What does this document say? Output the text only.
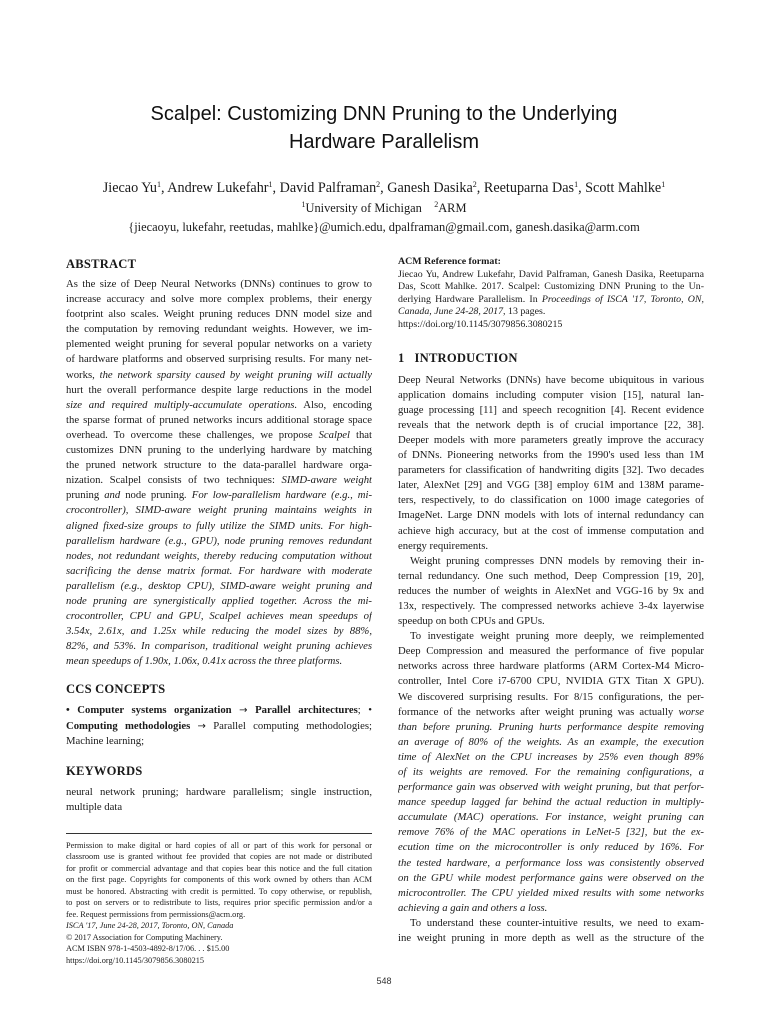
Scalpel: Customizing DNN Pruning to the Underlying
Hardware Parallelism
Jiecao Yu$^1$, Andrew Lukefahr$^1$, David Palframan$^2$, Ganesh Dasika$^2$, Reetuparna Das$^1$, Scott Mahlke$^1$
$^1$University of Michigan  $^2$ARM
{jiecaoyu, lukefahr, reetudas, mahlke}@umich.edu, dpalframan@gmail.com, ganesh.dasika@arm.com
ABSTRACT
As the size of Deep Neural Networks (DNNs) continues to grow to
increase accuracy and solve more complex problems, their energy
footprint also scales. Weight pruning reduces DNN model size and
the computation by removing redundant weights. However, we im-
plemented weight pruning for several popular networks on a variety
of hardware platforms and observed surprising results. For many net-
works, the network sparsity caused by weight pruning will actually
hurt the overall performance despite large reductions in the model
size and required multiply-accumulate operations. Also, encoding
the sparse format of pruned networks incurs additional storage space
overhead. To overcome these challenges, we propose Scalpel that
customizes DNN pruning to the underlying hardware by matching
the pruned network structure to the data-parallel hardware orga-
nization. Scalpel consists of two techniques: SIMD-aware weight
pruning and node pruning. For low-parallelism hardware (e.g., mi-
crocontroller), SIMD-aware weight pruning maintains weights in
aligned fixed-size groups to fully utilize the SIMD units. For high-
parallelism hardware (e.g., GPU), node pruning removes redundant
nodes, not redundant weights, thereby reducing computation without
sacrificing the dense matrix format. For hardware with moderate
parallelism (e.g., desktop CPU), SIMD-aware weight pruning and
node pruning are synergistically applied together. Across the mi-
crocontroller, CPU and GPU, Scalpel achieves mean speedups of
3.54x, 2.61x, and 1.25x while reducing the model sizes by 88%,
82%, and 53%. In comparison, traditional weight pruning achieves
mean speedups of 1.90x, 1.06x, 0.41x across the three platforms.
CCS CONCEPTS
• Computer systems organization → Parallel architectures; •
Computing methodologies → Parallel computing methodologies;
Machine learning;
KEYWORDS
neural network pruning; hardware parallelism; single instruction,
multiple data
Permission to make digital or hard copies of all or part of this work for personal or
classroom use is granted without fee provided that copies are not made or distributed
for profit or commercial advantage and that copies bear this notice and the full citation
on the first page. Copyrights for components of this work owned by others than ACM
must be honored. Abstracting with credit is permitted. To copy otherwise, or republish,
to post on servers or to redistribute to lists, requires prior specific permission and/or a
fee. Request permissions from permissions@acm.org.
ISCA '17, June 24-28, 2017, Toronto, ON, Canada
© 2017 Association for Computing Machinery.
ACM ISBN 978-1-4503-4892-8/17/06. . . $15.00
https://doi.org/10.1145/3079856.3080215
ACM Reference format:
Jiecao Yu, Andrew Lukefahr, David Palframan, Ganesh Dasika, Reetuparna
Das, Scott Mahlke. 2017. Scalpel: Customizing DNN Pruning to the Un-
derlying Hardware Parallelism. In Proceedings of ISCA '17, Toronto, ON,
Canada, June 24-28, 2017, 13 pages.
https://doi.org/10.1145/3079856.3080215
1   INTRODUCTION
Deep Neural Networks (DNNs) have become ubiquitous in various
application domains including computer vision [15], natural lan-
guage processing [11] and speech recognition [4]. Recent evidence
reveals that the network depth is of crucial importance [22, 38].
Deeper models with more parameters greatly improve the accuracy
of DNNs. Pioneering networks from the 1990's used less than 1M
parameters for classification of handwriting digits [32]. Two decades
later, AlexNet [29] and VGG [38] employ 61M and 138M parame-
ters, respectively, to do classification on 1000 image categories of
ImageNet. Large DNN models with lots of internal redundancy can
achieve high accuracy, but at the cost of immense computation and
energy requirements.
Weight pruning compresses DNN models by removing their in-
ternal redundancy. One such method, Deep Compression [19, 20],
reduces the number of weights in AlexNet and VGG-16 by 9x and
13x, respectively. The compressed networks achieve 3-4x layerwise
speedup on both CPUs and GPUs.
To investigate weight pruning more deeply, we reimplemented
Deep Compression and measured the performance of five popular
networks across three hardware platforms (ARM Cortex-M4 Micro-
controller, Intel Core i7-6700 CPU, NVIDIA GTX Titan X GPU).
We discovered surprising results. For 8/15 configurations, the per-
formance of the networks after weight pruning was actually worse
than before pruning. Pruning hurts performance despite removing
an average of 80% of the weights. As an example, the execution
time of AlexNet on the CPU increases by 25% even though 89%
of its weights are removed. For the remaining configurations, a
performance gain was observed with weight pruning, but that perfor-
mance speedup lagged far behind the actual reduction in multiply-
accumulate (MAC) operations. For instance, weight pruning can
remove 76% of the MAC operations in LeNet-5 [32], but the ex-
ecution time on the microcontroller is only reduced by 16%. For
the tested hardware, a performance loss was consistently observed
on the GPU while modest performance gains were observed on the
microcontroller. The CPU yielded mixed results with some networks
achieving a gain and others a loss.
To understand these counter-intuitive results, we need to exam-
ine weight pruning in more depth as well as the structure of the
548
